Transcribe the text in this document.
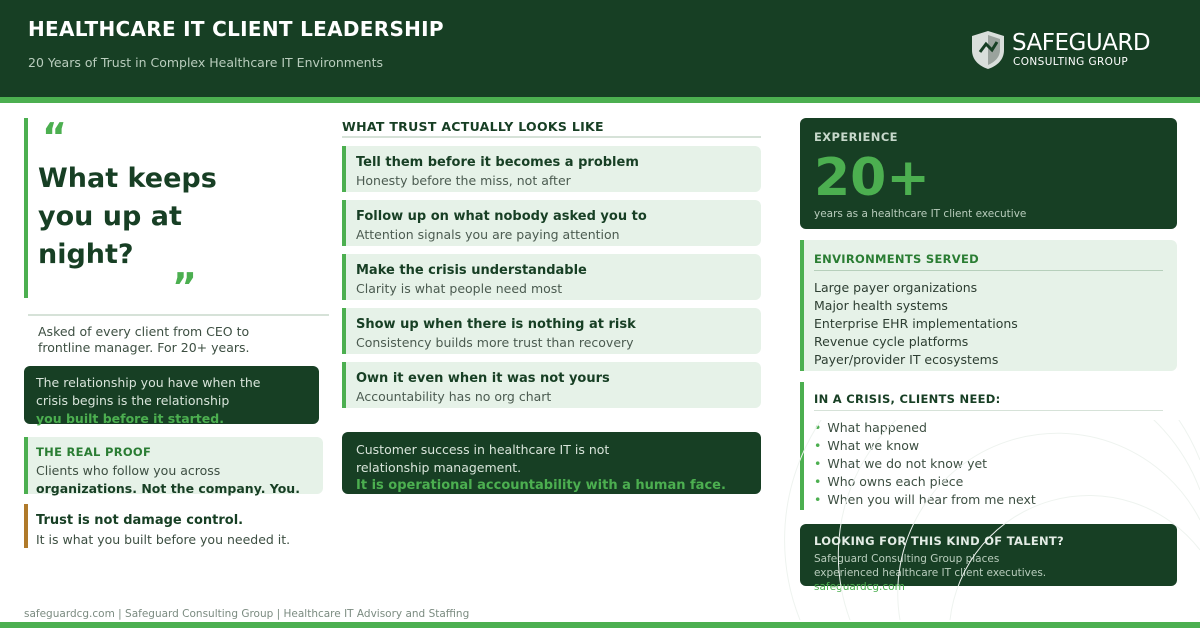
HEALTHCARE IT CLIENT LEADERSHIP
20 Years of Trust in Complex Healthcare IT Environments
SAFEGUARD
CONSULTING GROUP
“
What keeps you up at night?
”
Asked of every client from CEO to frontline manager. For 20+ years.
The relationship you have when the
crisis begins is the relationship
you built before it started.
THE REAL PROOF
Clients who follow you across
organizations. Not the company. You.
Trust is not damage control.
It is what you built before you needed it.
WHAT TRUST ACTUALLY LOOKS LIKE
Tell them before it becomes a problem
Honesty before the miss, not after
Follow up on what nobody asked you to
Attention signals you are paying attention
Make the crisis understandable
Clarity is what people need most
Show up when there is nothing at risk
Consistency builds more trust than recovery
Own it even when it was not yours
Accountability has no org chart
Customer success in healthcare IT is not
relationship management.
It is operational accountability with a human face.
EXPERIENCE
20+
years as a healthcare IT client executive
ENVIRONMENTS SERVED
Large payer organizations
Major health systems
Enterprise EHR implementations
Revenue cycle platforms
Payer/provider IT ecosystems
IN A CRISIS, CLIENTS NEED:
• What happened
• What we know
• What we do not know yet
• Who owns each piece
• When you will hear from me next
LOOKING FOR THIS KIND OF TALENT?
Safeguard Consulting Group places
experienced healthcare IT client executives.
safeguardcg.com
safeguardcg.com | Safeguard Consulting Group | Healthcare IT Advisory and Staffing
